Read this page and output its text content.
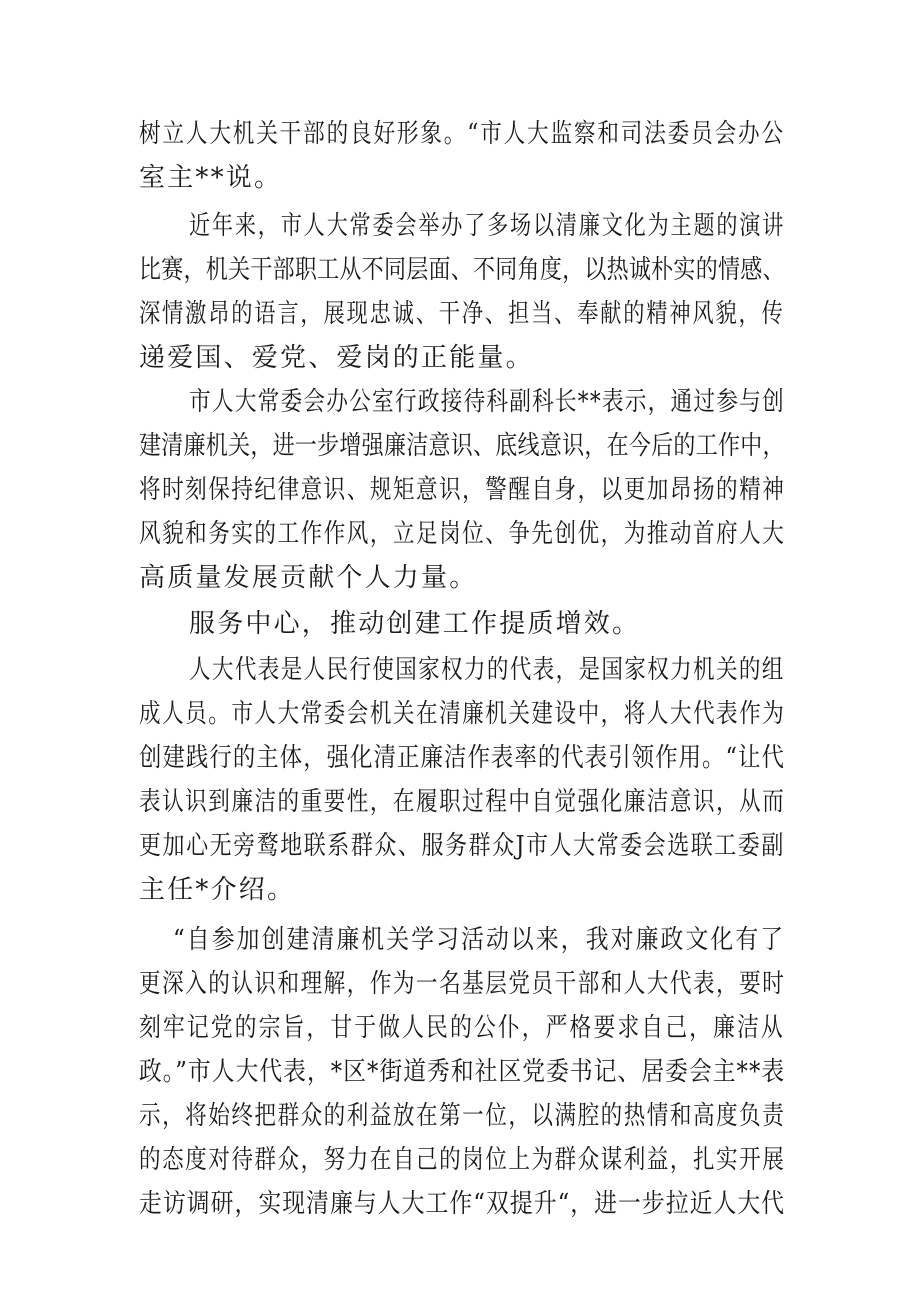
树立人大机关干部的良好形象。“市人大监察和司法委员会办公
室主**说。
近年来，市人大常委会举办了多场以清廉文化为主题的演讲
比赛，机关干部职工从不同层面、不同角度，以热诚朴实的情感、
深情激昂的语言，展现忠诚、干净、担当、奉献的精神风貌，传
递爱国、爱党、爱岗的正能量。
市人大常委会办公室行政接待科副科长**表示，通过参与创
建清廉机关，进一步增强廉洁意识、底线意识，在今后的工作中，
将时刻保持纪律意识、规矩意识，警醒自身，以更加昂扬的精神
风貌和务实的工作作风，立足岗位、争先创优，为推动首府人大
高质量发展贡献个人力量。
服务中心，推动创建工作提质增效。
人大代表是人民行使国家权力的代表，是国家权力机关的组
成人员。市人大常委会机关在清廉机关建设中，将人大代表作为
创建践行的主体，强化清正廉洁作表率的代表引领作用。“让代
表认识到廉洁的重要性，在履职过程中自觉强化廉洁意识，从而
更加心无旁鹜地联系群众、服务群众J市人大常委会选联工委副
主任*介绍。
“自参加创建清廉机关学习活动以来，我对廉政文化有了
更深入的认识和理解，作为一名基层党员干部和人大代表，要时
刻牢记党的宗旨，甘于做人民的公仆，严格要求自己，廉洁从
政。”市人大代表，*区*街道秀和社区党委书记、居委会主**表
示，将始终把群众的利益放在第一位，以满腔的热情和高度负责
的态度对待群众，努力在自己的岗位上为群众谋利益，扎实开展
走访调研，实现清廉与人大工作“双提升“，进一步拉近人大代
